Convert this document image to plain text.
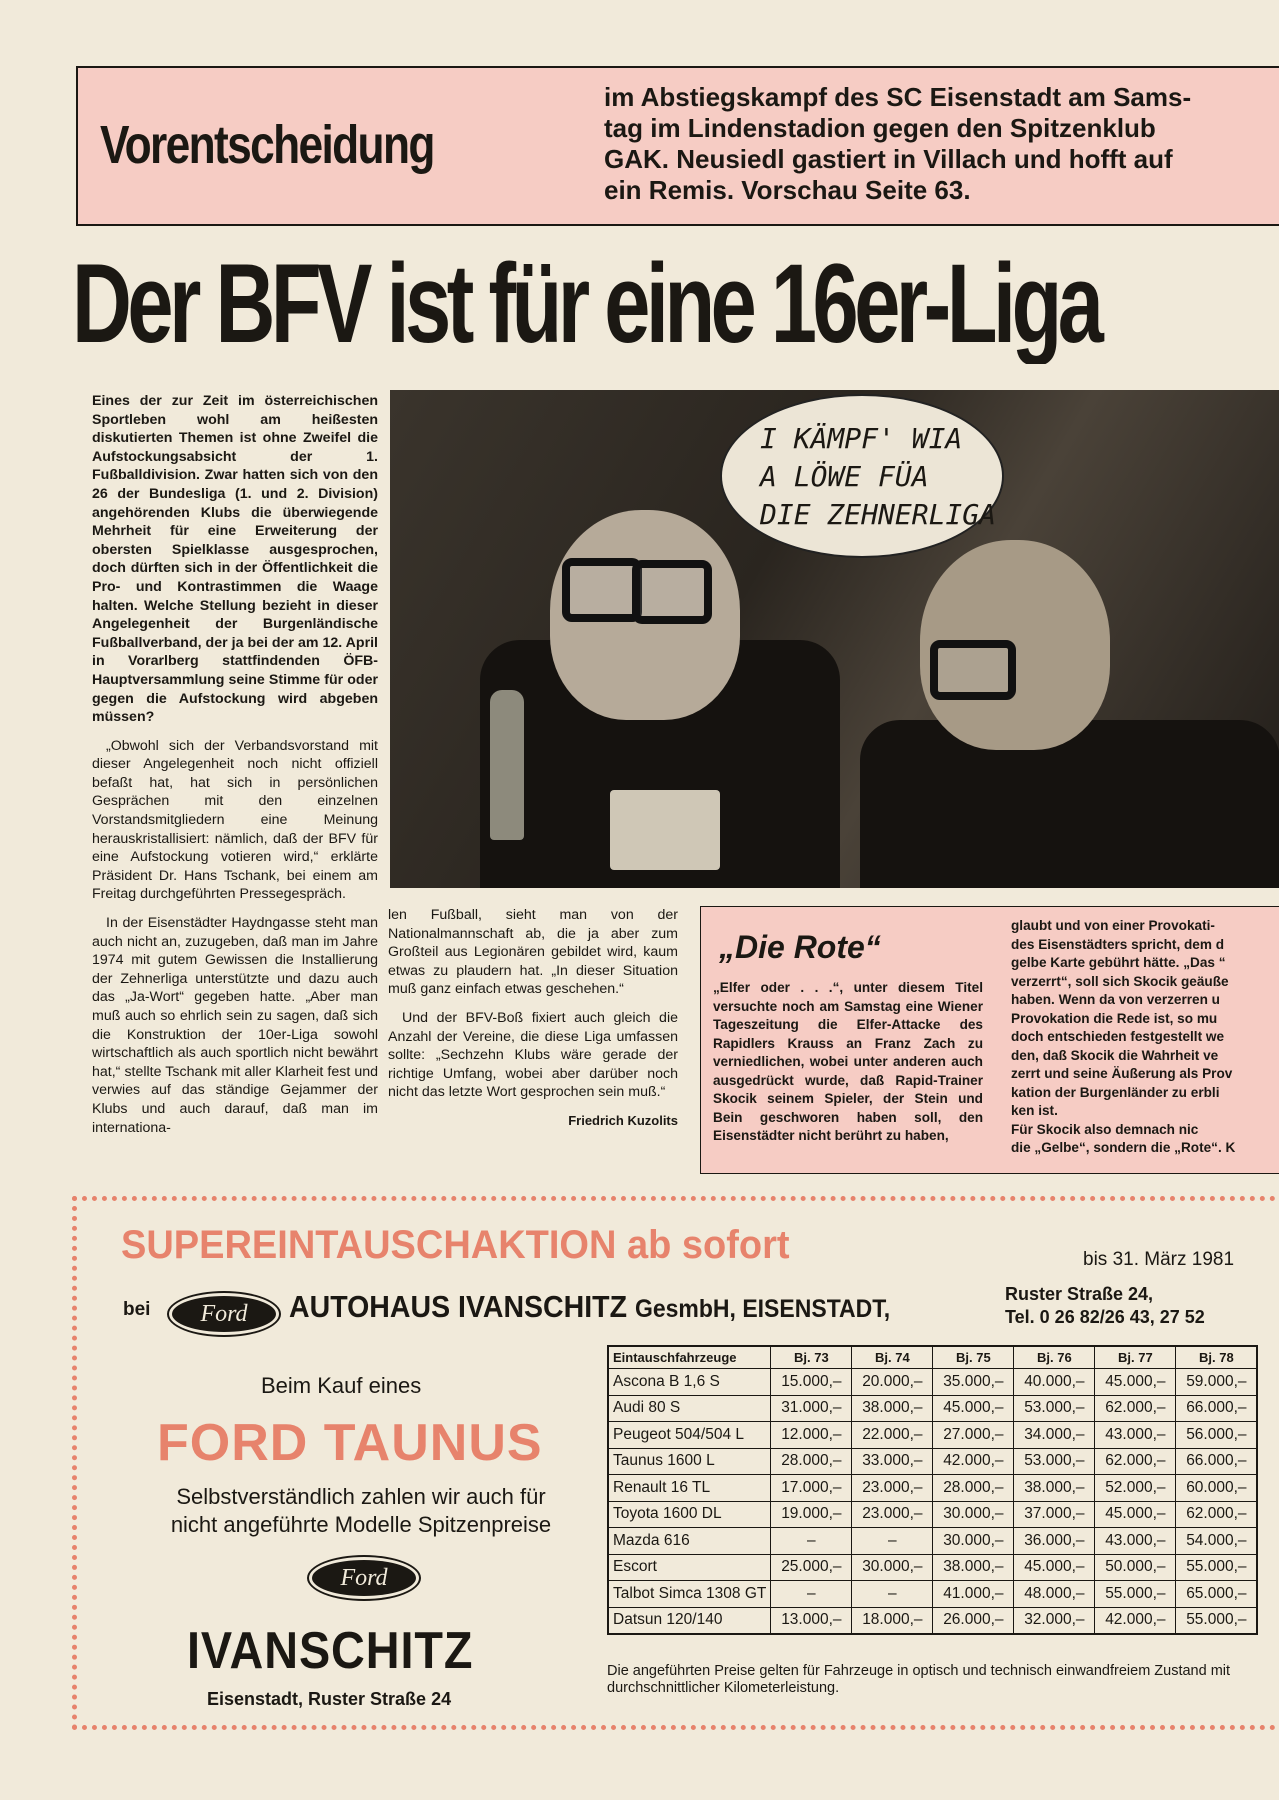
Vorentscheidung
im Abstiegskampf des SC Eisenstadt am Sams-
tag im Lindenstadion gegen den Spitzenklub
GAK. Neusiedl gastiert in Villach und hofft auf
ein Remis. Vorschau Seite 63.
Der BFV ist für eine 16er-Liga

Eines der zur Zeit im österreichischen Sportleben wohl am heißesten diskutierten Themen ist ohne Zweifel die Aufstockungsabsicht der 1. Fußballdivision. Zwar hatten sich von den 26 der Bundesliga (1. und 2. Division) angehörenden Klubs die überwiegende Mehrheit für eine Erweiterung der obersten Spielklasse ausgesprochen, doch dürften sich in der Öffentlichkeit die Pro- und Kontrastimmen die Waage halten. Welche Stellung bezieht in dieser Angelegenheit der Burgenländische Fußballverband, der ja bei der am 12. April in Vorarlberg stattfindenden ÖFB-Hauptversammlung seine Stimme für oder gegen die Aufstockung wird abgeben müssen?

„Obwohl sich der Verbandsvorstand mit dieser Angelegenheit noch nicht offiziell befaßt hat, hat sich in persönlichen Gesprächen mit den einzelnen Vorstandsmitgliedern eine Meinung herauskristallisiert: nämlich, daß der BFV für eine Aufstockung votieren wird,“ erklärte Präsident Dr. Hans Tschank, bei einem am Freitag durchgeführten Pressegespräch.

In der Eisenstädter Haydngasse steht man auch nicht an, zuzugeben, daß man im Jahre 1974 mit gutem Gewissen die Installierung der Zehnerliga unterstützte und dazu auch das „Ja-Wort“ gegeben hatte. „Aber man muß auch so ehrlich sein zu sagen, daß sich die Konstruktion der 10er-Liga sowohl wirtschaftlich als auch sportlich nicht bewährt hat,“ stellte Tschank mit aller Klarheit fest und verwies auf das ständige Gejammer der Klubs und auch darauf, daß man im internationa-

I KÄMPF' WIA
A LÖWE FÜA
DIE ZEHNERLIGA

len Fußball, sieht man von der Nationalmannschaft ab, die ja aber zum Großteil aus Legionären gebildet wird, kaum etwas zu plaudern hat. „In dieser Situation muß ganz einfach etwas geschehen.“

Und der BFV-Boß fixiert auch gleich die Anzahl der Vereine, die diese Liga umfassen sollte: „Sechzehn Klubs wäre gerade der richtige Umfang, wobei aber darüber noch nicht das letzte Wort gesprochen sein muß.“

Friedrich Kuzolits
„Die Rote“
„Elfer oder . . .“, unter diesem Titel versuchte noch am Samstag eine Wiener Tageszeitung die Elfer-Attacke des Rapidlers Krauss an Franz Zach zu verniedlichen, wobei unter anderen auch ausgedrückt wurde, daß Rapid-Trainer Skocik seinem Spieler, der Stein und Bein geschworen haben soll, den Eisenstädter nicht berührt zu haben,

glaubt und von einer Provokati-

des Eisenstädters spricht, dem d

gelbe Karte gebührt hätte. „Das “

verzerrt“, soll sich Skocik geäuße

haben. Wenn da von verzerren u

Provokation die Rede ist, so mu

doch entschieden festgestellt we

den, daß Skocik die Wahrheit ve

zerrt und seine Äußerung als Prov

kation der Burgenländer zu erbli

ken ist.

Für Skocik also demnach nic

die „Gelbe“, sondern die „Rote“. K

SUPEREINTAUSCHAKTION ab sofort	bis 31. März 1981
bei	Ford	AUTOHAUS IVANSCHITZ GesmbH, EISENSTADT,
Ruster Straße 24,
Tel. 0 26 82/26 43, 27 52
Beim Kauf eines
FORD TAUNUS
Selbstverständlich zahlen wir auch für
nicht angeführte Modelle Spitzenpreise
Ford
IVANSCHITZ
Eisenstadt, Ruster Straße 24
Eintauschfahrzeuge	Bj. 73	Bj. 74	Bj. 75	Bj. 76	Bj. 77	Bj. 78
Ascona B 1,6 S	15.000,–	20.000,–	35.000,–	40.000,–	45.000,–	59.000,–
Audi 80 S	31.000,–	38.000,–	45.000,–	53.000,–	62.000,–	66.000,–
Peugeot 504/504 L	12.000,–	22.000,–	27.000,–	34.000,–	43.000,–	56.000,–
Taunus 1600 L	28.000,–	33.000,–	42.000,–	53.000,–	62.000,–	66.000,–
Renault 16 TL	17.000,–	23.000,–	28.000,–	38.000,–	52.000,–	60.000,–
Toyota 1600 DL	19.000,–	23.000,–	30.000,–	37.000,–	45.000,–	62.000,–
Mazda 616	–	–	30.000,–	36.000,–	43.000,–	54.000,–
Escort	25.000,–	30.000,–	38.000,–	45.000,–	50.000,–	55.000,–
Talbot Simca 1308 GT	–	–	41.000,–	48.000,–	55.000,–	65.000,–
Datsun 120/140	13.000,–	18.000,–	26.000,–	32.000,–	42.000,–	55.000,–
Die angeführten Preise gelten für Fahrzeuge in optisch und technisch einwandfreiem Zustand mit durchschnittlicher Kilometerleistung.
